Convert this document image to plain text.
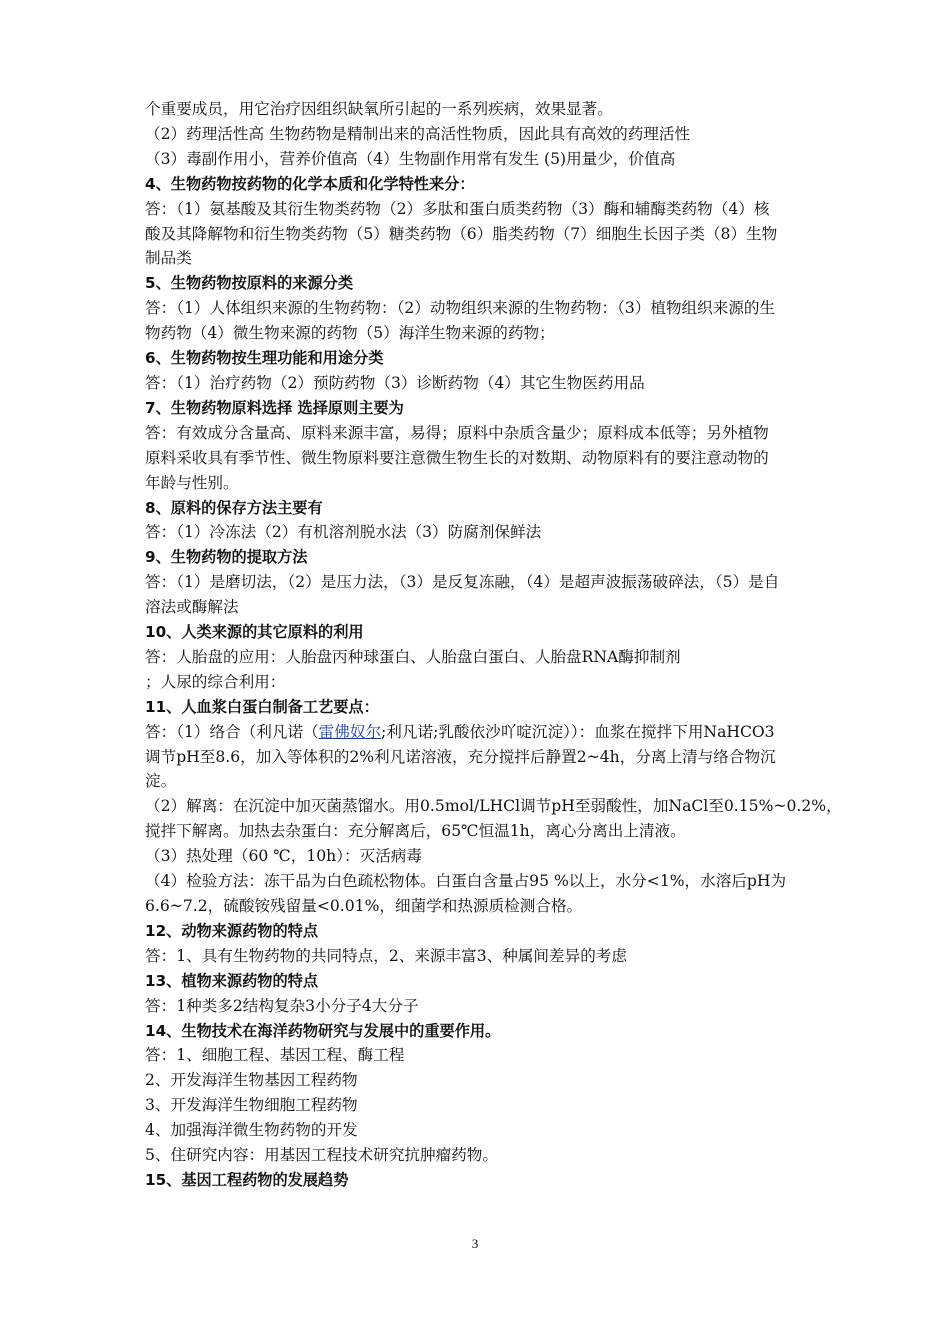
个重要成员，用它治疗因组织缺氧所引起的一系列疾病，效果显著。
（2）药理活性高 生物药物是精制出来的高活性物质，因此具有高效的药理活性
（3）毒副作用小，营养价值高（4）生物副作用常有发生 (5)用量少，价值高
4、生物药物按药物的化学本质和化学特性来分：
答：（1）氨基酸及其衍生物类药物（2）多肽和蛋白质类药物（3）酶和辅酶类药物（4）核
酸及其降解物和衍生物类药物（5）糖类药物（6）脂类药物（7）细胞生长因子类（8）生物
制品类
5、生物药物按原料的来源分类
答：（1）人体组织来源的生物药物：（2）动物组织来源的生物药物：（3）植物组织来源的生
物药物（4）微生物来源的药物（5）海洋生物来源的药物；
6、生物药物按生理功能和用途分类
答：（1）治疗药物（2）预防药物（3）诊断药物（4）其它生物医药用品
7、生物药物原料选择 选择原则主要为
答：有效成分含量高、原料来源丰富，易得；原料中杂质含量少；原料成本低等；另外植物
原料采收具有季节性、微生物原料要注意微生物生长的对数期、动物原料有的要注意动物的
年龄与性别。
8、原料的保存方法主要有
答：（1）冷冻法（2）有机溶剂脱水法（3）防腐剂保鲜法
9、生物药物的提取方法
答：（1）是磨切法，（2）是压力法，（3）是反复冻融，（4）是超声波振荡破碎法，（5）是自
溶法或酶解法
10、人类来源的其它原料的利用
答：人胎盘的应用：人胎盘丙种球蛋白、人胎盘白蛋白、人胎盘RNA酶抑制剂
；人尿的综合利用：
11、人血浆白蛋白制备工艺要点：
答：（1）络合（利凡诺（雷佛奴尔;利凡诺;乳酸依沙吖啶沉淀））：血浆在搅拌下用NaHCO3
调节pH至8.6，加入等体积的2%利凡诺溶液，充分搅拌后静置2~4h，分离上清与络合物沉
淀。
（2）解离：在沉淀中加灭菌蒸馏水。用0.5mol/LHCl调节pH至弱酸性，加NaCl至0.15%~0.2%，
搅拌下解离。加热去杂蛋白：充分解离后，65℃恒温1h，离心分离出上清液。
（3）热处理（60 ℃，10h）：灭活病毒
（4）检验方法：冻干品为白色疏松物体。白蛋白含量占95 %以上，水分<1%，水溶后pH为
6.6~7.2，硫酸铵残留量<0.01%，细菌学和热源质检测合格。
12、动物来源药物的特点
答：1、具有生物药物的共同特点，2、来源丰富3、种属间差异的考虑
13、植物来源药物的特点
答：1种类多2结构复杂3小分子4大分子
14、生物技术在海洋药物研究与发展中的重要作用。
答：1、细胞工程、基因工程、酶工程
2、开发海洋生物基因工程药物
3、开发海洋生物细胞工程药物
4、加强海洋微生物药物的开发
5、住研究内容：用基因工程技术研究抗肿瘤药物。
15、基因工程药物的发展趋势
3
